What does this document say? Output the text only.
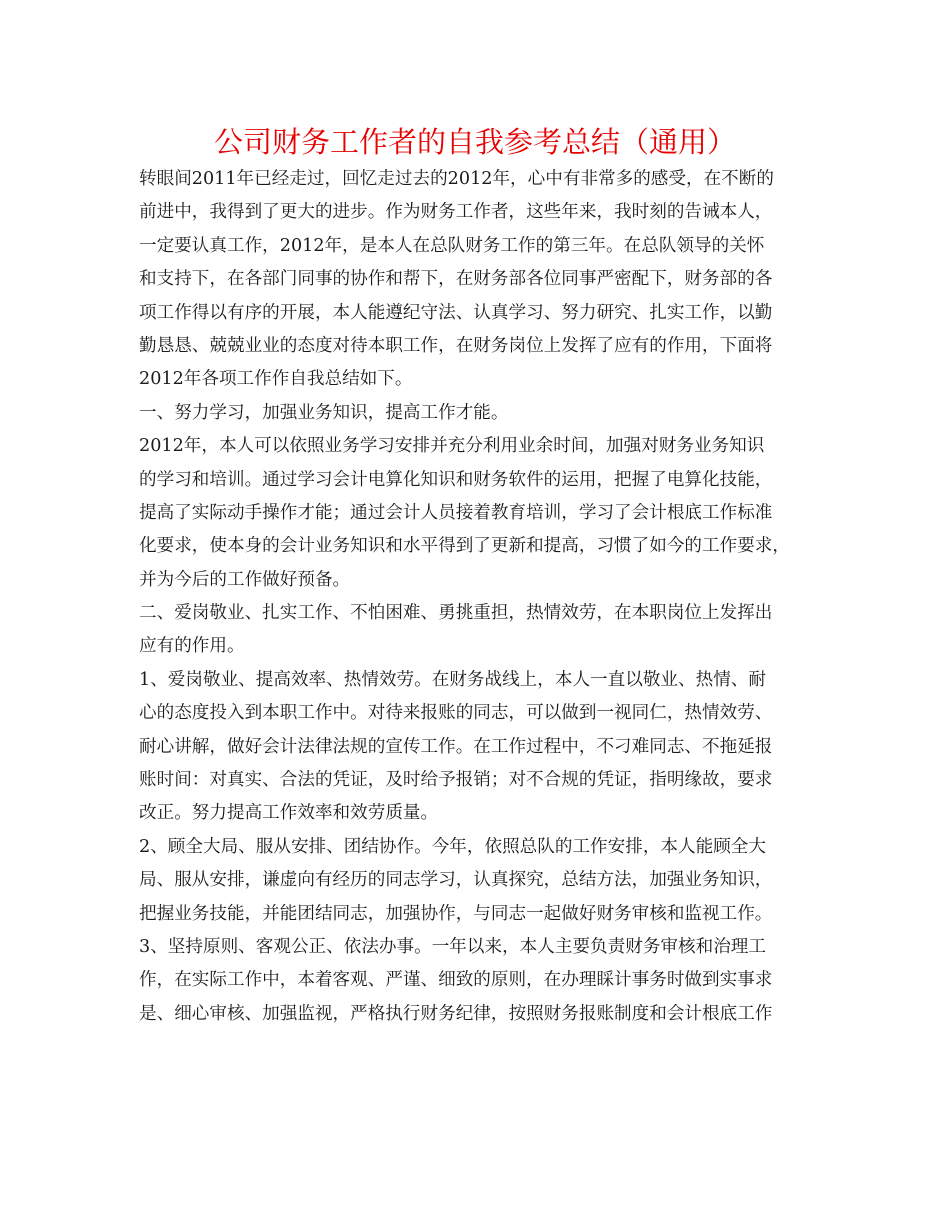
公司财务工作者的自我参考总结（通用）
转眼间2011年已经走过，回忆走过去的2012年，心中有非常多的感受，在不断的
前进中，我得到了更大的进步。作为财务工作者，这些年来，我时刻的告诫本人，
一定要认真工作，2012年，是本人在总队财务工作的第三年。在总队领导的关怀
和支持下，在各部门同事的协作和帮下，在财务部各位同事严密配下，财务部的各
项工作得以有序的开展，本人能遵纪守法、认真学习、努力研究、扎实工作，以勤
勤恳恳、兢兢业业的态度对待本职工作，在财务岗位上发挥了应有的作用，下面将
2012年各项工作作自我总结如下。
一、努力学习，加强业务知识，提高工作才能。
2012年，本人可以依照业务学习安排并充分利用业余时间，加强对财务业务知识
的学习和培训。通过学习会计电算化知识和财务软件的运用，把握了电算化技能，
提高了实际动手操作才能；通过会计人员接着教育培训，学习了会计根底工作标准
化要求，使本身的会计业务知识和水平得到了更新和提高，习惯了如今的工作要求，
并为今后的工作做好预备。
二、爱岗敬业、扎实工作、不怕困难、勇挑重担，热情效劳，在本职岗位上发挥出
应有的作用。
1、爱岗敬业、提高效率、热情效劳。在财务战线上，本人一直以敬业、热情、耐
心的态度投入到本职工作中。对待来报账的同志，可以做到一视同仁，热情效劳、
耐心讲解，做好会计法律法规的宣传工作。在工作过程中，不刁难同志、不拖延报
账时间：对真实、合法的凭证，及时给予报销；对不合规的凭证，指明缘故，要求
改正。努力提高工作效率和效劳质量。
2、顾全大局、服从安排、团结协作。今年，依照总队的工作安排，本人能顾全大
局、服从安排，谦虚向有经历的同志学习，认真探究，总结方法，加强业务知识，
把握业务技能，并能团结同志，加强协作，与同志一起做好财务审核和监视工作。
3、坚持原则、客观公正、依法办事。一年以来，本人主要负责财务审核和治理工
作，在实际工作中，本着客观、严谨、细致的原则，在办理睬计事务时做到实事求
是、细心审核、加强监视，严格执行财务纪律，按照财务报账制度和会计根底工作
